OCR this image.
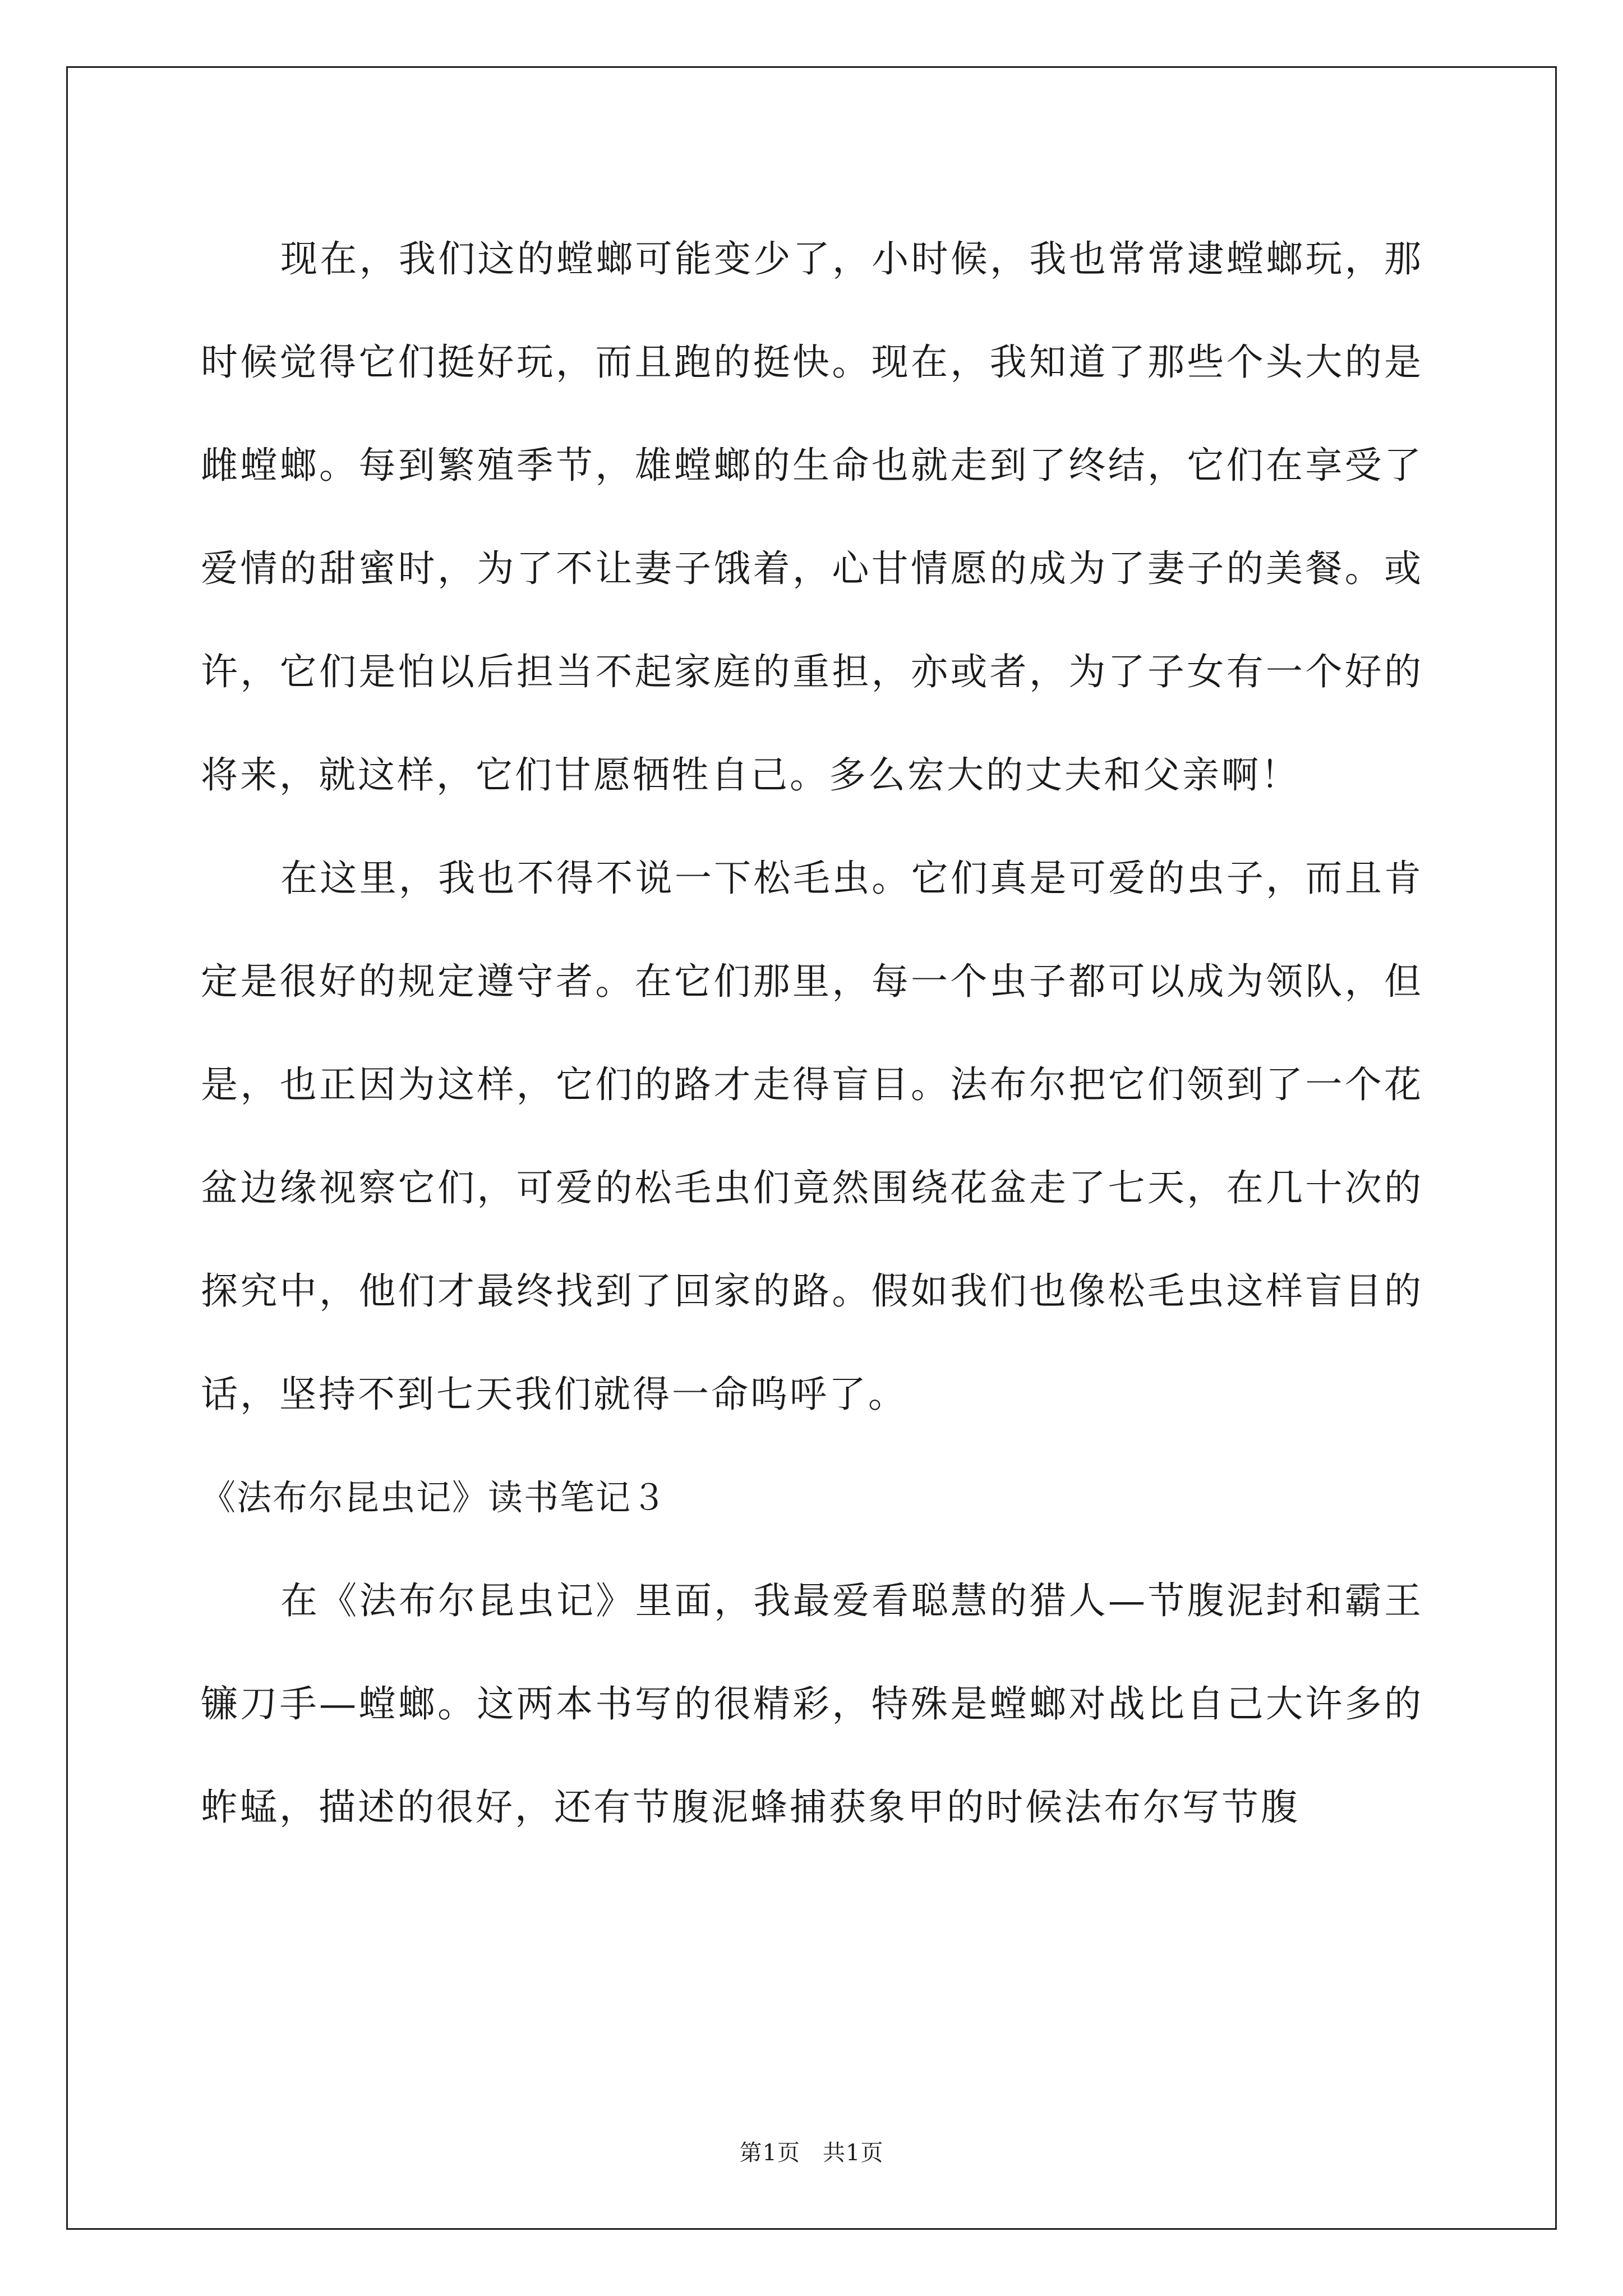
现在，我们这的螳螂可能变少了，小时候，我也常常逮螳螂玩，那时候觉得它们挺好玩，而且跑的挺快。现在，我知道了那些个头大的是雌螳螂。每到繁殖季节，雄螳螂的生命也就走到了终结，它们在享受了爱情的甜蜜时，为了不让妻子饿着，心甘情愿的成为了妻子的美餐。或许，它们是怕以后担当不起家庭的重担，亦或者，为了子女有一个好的将来，就这样，它们甘愿牺牲自己。多么宏大的丈夫和父亲啊！

在这里，我也不得不说一下松毛虫。它们真是可爱的虫子，而且肯定是很好的规定遵守者。在它们那里，每一个虫子都可以成为领队，但是，也正因为这样，它们的路才走得盲目。法布尔把它们领到了一个花盆边缘视察它们，可爱的松毛虫们竟然围绕花盆走了七天，在几十次的探究中，他们才最终找到了回家的路。假如我们也像松毛虫这样盲目的话，坚持不到七天我们就得一命呜呼了。

《法布尔昆虫记》读书笔记３

在《法布尔昆虫记》里面，我最爱看聪慧的猎人—节腹泥封和霸王镰刀手—螳螂。这两本书写的很精彩，特殊是螳螂对战比自己大许多的蚱蜢，描述的很好，还有节腹泥蜂捕获象甲的时候法布尔写节腹

第1页 共1页
